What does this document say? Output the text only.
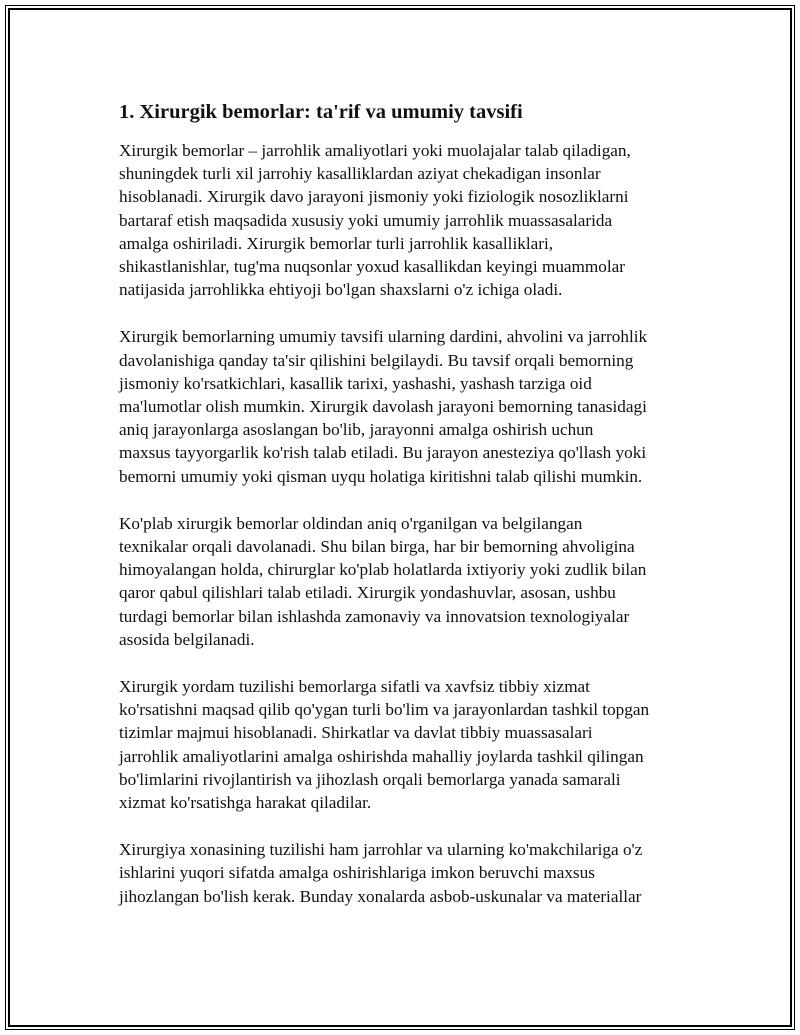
1. Xirurgik bemorlar: ta'rif va umumiy tavsifi

Xirurgik bemorlar – jarrohlik amaliyotlari yoki muolajalar talab qiladigan,
shuningdek turli xil jarrohiy kasalliklardan aziyat chekadigan insonlar
hisoblanadi. Xirurgik davo jarayoni jismoniy yoki fiziologik nosozliklarni
bartaraf etish maqsadida xususiy yoki umumiy jarrohlik muassasalarida
amalga oshiriladi. Xirurgik bemorlar turli jarrohlik kasalliklari,
shikastlanishlar, tug'ma nuqsonlar yoxud kasallikdan keyingi muammolar
natijasida jarrohlikka ehtiyoji bo'lgan shaxslarni o'z ichiga oladi.

Xirurgik bemorlarning umumiy tavsifi ularning dardini, ahvolini va jarrohlik
davolanishiga qanday ta'sir qilishini belgilaydi. Bu tavsif orqali bemorning
jismoniy ko'rsatkichlari, kasallik tarixi, yashashi, yashash tarziga oid
ma'lumotlar olish mumkin. Xirurgik davolash jarayoni bemorning tanasidagi
aniq jarayonlarga asoslangan bo'lib, jarayonni amalga oshirish uchun
maxsus tayyorgarlik ko'rish talab etiladi. Bu jarayon anesteziya qo'llash yoki
bemorni umumiy yoki qisman uyqu holatiga kiritishni talab qilishi mumkin.

Ko'plab xirurgik bemorlar oldindan aniq o'rganilgan va belgilangan
texnikalar orqali davolanadi. Shu bilan birga, har bir bemorning ahvoligina
himoyalangan holda, chirurglar ko'plab holatlarda ixtiyoriy yoki zudlik bilan
qaror qabul qilishlari talab etiladi. Xirurgik yondashuvlar, asosan, ushbu
turdagi bemorlar bilan ishlashda zamonaviy va innovatsion texnologiyalar
asosida belgilanadi.

Xirurgik yordam tuzilishi bemorlarga sifatli va xavfsiz tibbiy xizmat
ko'rsatishni maqsad qilib qo'ygan turli bo'lim va jarayonlardan tashkil topgan
tizimlar majmui hisoblanadi. Shirkatlar va davlat tibbiy muassasalari
jarrohlik amaliyotlarini amalga oshirishda mahalliy joylarda tashkil qilingan
bo'limlarini rivojlantirish va jihozlash orqali bemorlarga yanada samarali
xizmat ko'rsatishga harakat qiladilar.

Xirurgiya xonasining tuzilishi ham jarrohlar va ularning ko'makchilariga o'z
ishlarini yuqori sifatda amalga oshirishlariga imkon beruvchi maxsus
jihozlangan bo'lish kerak. Bunday xonalarda asbob-uskunalar va materiallar
